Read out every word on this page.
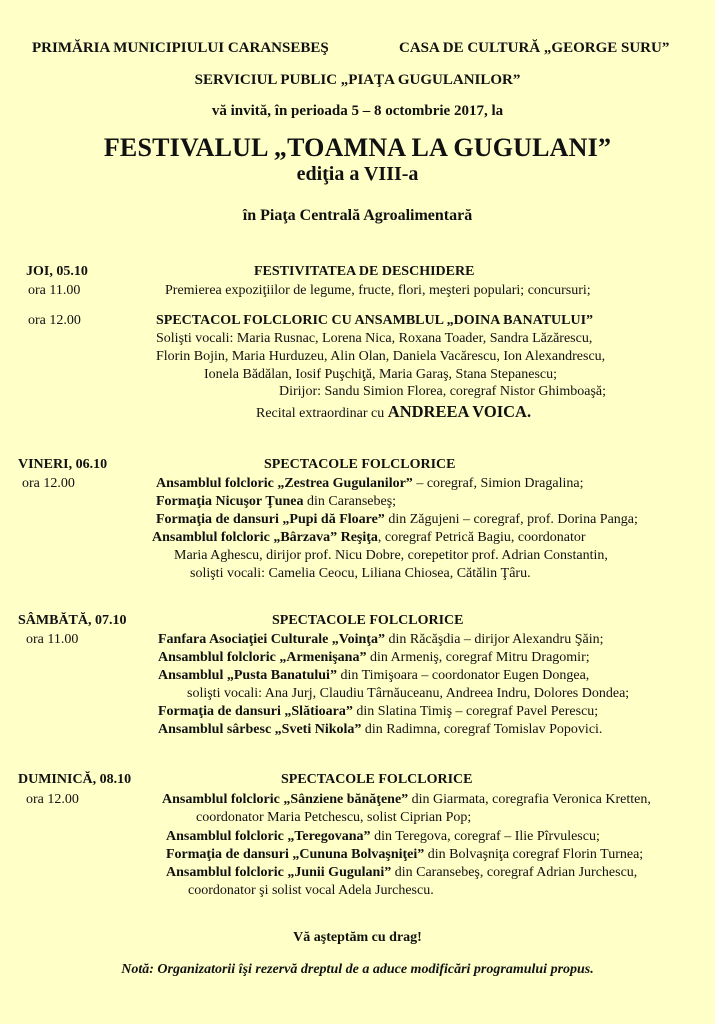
PRIMĂRIA MUNICIPIULUI CARANSEBEŞ	CASA DE CULTURĂ „GEORGE SURU”
SERVICIUL PUBLIC „PIAŢA GUGULANILOR”
vă invită, în perioada 5 – 8 octombrie 2017, la
FESTIVALUL „TOAMNA LA GUGULANI”
ediţia a VIII-a
în Piaţa Centrală Agroalimentară
JOI, 05.10	FESTIVITATEA DE DESCHIDERE
ora 11.00	Premierea expoziţiilor de legume, fructe, flori, meşteri populari; concursuri;
ora 12.00	SPECTACOL FOLCLORIC CU ANSAMBLUL „DOINA BANATULUI”
Solişti vocali: Maria Rusnac, Lorena Nica, Roxana Toader, Sandra Lăzărescu,
Florin Bojin, Maria Hurduzeu, Alin Olan, Daniela Vacărescu, Ion Alexandrescu,
Ionela Bădălan, Iosif Puşchiţă, Maria Garaş, Stana Stepanescu;
Dirijor: Sandu Simion Florea, coregraf Nistor Ghimboaşă;
Recital extraordinar cu ANDREEA VOICA.
VINERI, 06.10	SPECTACOLE FOLCLORICE
ora 12.00	Ansamblul folcloric „Zestrea Gugulanilor” – coregraf, Simion Dragalina;
Formaţia Nicuşor Ţunea din Caransebeş;
Formaţia de dansuri „Pupi dă Floare” din Zăgujeni – coregraf, prof. Dorina Panga;
Ansamblul folcloric „Bârzava” Reşiţa, coregraf Petrică Bagiu, coordonator
Maria Aghescu, dirijor prof. Nicu Dobre, corepetitor prof. Adrian Constantin,
solişti vocali: Camelia Ceocu, Liliana Chiosea, Cătălin Ţâru.
SÂMBĂTĂ, 07.10	SPECTACOLE FOLCLORICE
ora 11.00	Fanfara Asociaţiei Culturale „Voinţa” din Răcăşdia – dirijor Alexandru Şăin;
Ansamblul folcloric „Armenişana” din Armeniş, coregraf Mitru Dragomir;
Ansamblul „Pusta Banatului” din Timişoara – coordonator Eugen Dongea,
solişti vocali: Ana Jurj, Claudiu Târnăuceanu, Andreea Indru, Dolores Dondea;
Formaţia de dansuri „Slătioara” din Slatina Timiş – coregraf Pavel Perescu;
Ansamblul sârbesc „Sveti Nikola” din Radimna, coregraf Tomislav Popovici.
DUMINICĂ, 08.10	SPECTACOLE FOLCLORICE
ora 12.00	Ansamblul folcloric „Sânziene bănăţene” din Giarmata, coregrafia Veronica Kretten,
coordonator Maria Petchescu, solist Ciprian Pop;
Ansamblul folcloric „Teregovana” din Teregova, coregraf – Ilie Pîrvulescu;
Formaţia de dansuri „Cununa Bolvaşniţei” din Bolvaşniţa coregraf Florin Turnea;
Ansamblul folcloric „Junii Gugulani” din Caransebeş, coregraf Adrian Jurchescu,
coordonator şi solist vocal Adela Jurchescu.
Vă aşteptăm cu drag!
Notă: Organizatorii îşi rezervă dreptul de a aduce modificări programului propus.
